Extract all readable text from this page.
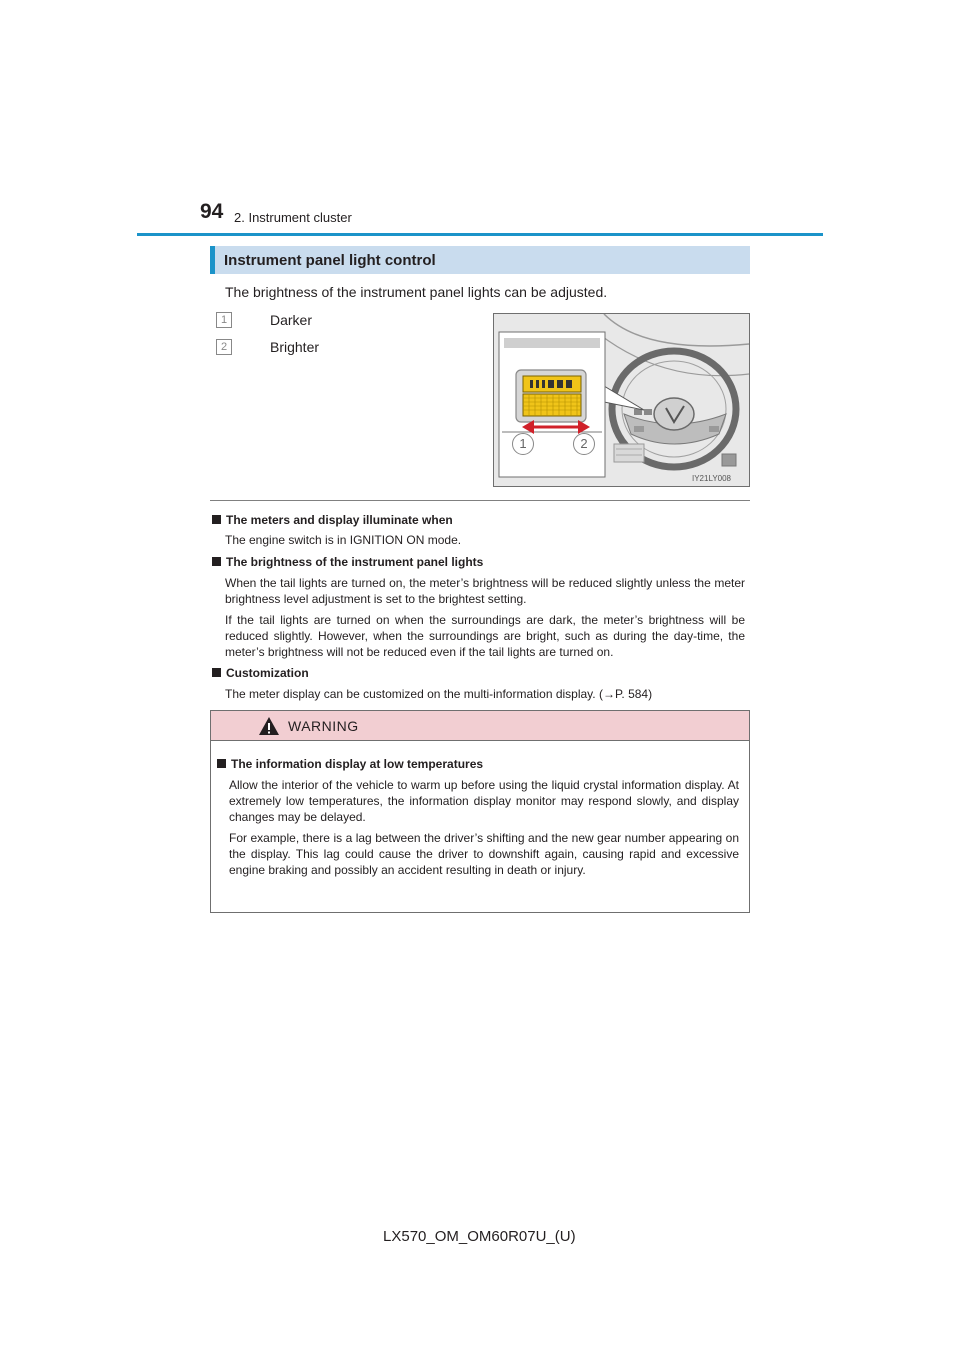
94 2. Instrument cluster
Instrument panel light control
The brightness of the instrument panel lights can be adjusted.
1	Darker
2	Brighter
1	2
IY21LY008
The meters and display illuminate when
The engine switch is in IGNITION ON mode.
The brightness of the instrument panel lights
When the tail lights are turned on, the meter’s brightness will be reduced slightly unless the meter brightness level adjustment is set to the brightest setting.
If the tail lights are turned on when the surroundings are dark, the meter’s brightness will be reduced slightly. However, when the surroundings are bright, such as during the day-time, the meter’s brightness will not be reduced even if the tail lights are turned on.
Customization
The meter display can be customized on the multi-information display. (→P. 584)
WARNING
The information display at low temperatures
Allow the interior of the vehicle to warm up before using the liquid crystal information display. At extremely low temperatures, the information display monitor may respond slowly, and display changes may be delayed.
For example, there is a lag between the driver’s shifting and the new gear number appearing on the display. This lag could cause the driver to downshift again, causing rapid and excessive engine braking and possibly an accident resulting in death or injury.
LX570_OM_OM60R07U_(U)
